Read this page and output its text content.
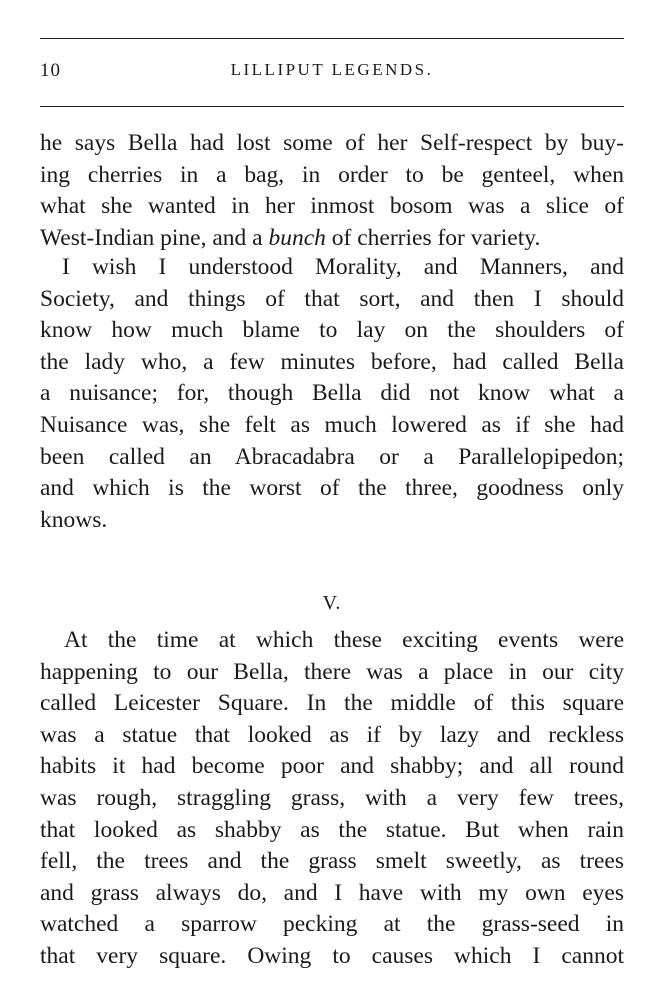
10	LILLIPUT LEGENDS.
he says Bella had lost some of her Self-respect by buy-
ing cherries in a bag, in order to be genteel, when
what she wanted in her inmost bosom was a slice of
West-Indian pine, and a bunch of cherries for variety.
I wish I understood Morality, and Manners, and
Society, and things of that sort, and then I should
know how much blame to lay on the shoulders of
the lady who, a few minutes before, had called Bella
a nuisance; for, though Bella did not know what a
Nuisance was, she felt as much lowered as if she had
been called an Abracadabra or a Parallelopipedon;
and which is the worst of the three, goodness only
knows.
V.
At the time at which these exciting events were
happening to our Bella, there was a place in our city
called Leicester Square. In the middle of this square
was a statue that looked as if by lazy and reckless
habits it had become poor and shabby; and all round
was rough, straggling grass, with a very few trees,
that looked as shabby as the statue. But when rain
fell, the trees and the grass smelt sweetly, as trees
and grass always do, and I have with my own eyes
watched a sparrow pecking at the grass-seed in
that very square. Owing to causes which I cannot
